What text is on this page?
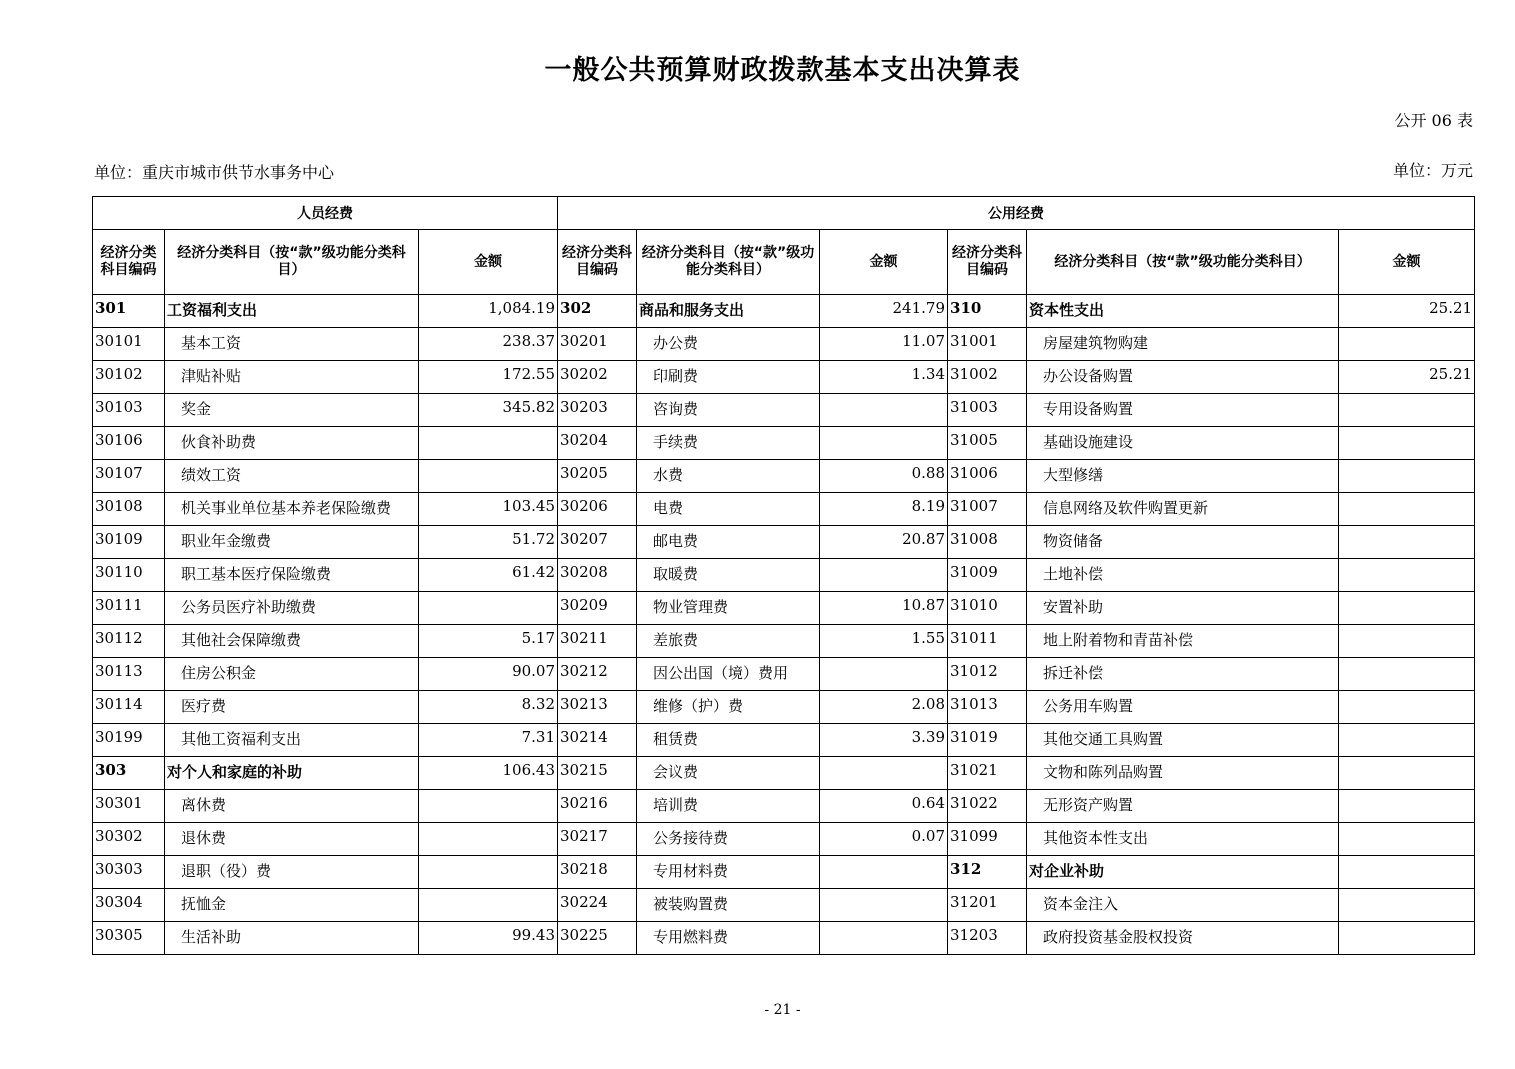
一般公共预算财政拨款基本支出决算表
公开 06 表
单位：重庆市城市供节水事务中心	单位：万元
人员经费			公用经费					
经济分类科目编码	经济分类科目（按“款”级功能分类科目）	金额	经济分类科目编码	经济分类科目（按“款”级功能分类科目）	金额	经济分类科目编码	经济分类科目（按“款”级功能分类科目）	金额
301	工资福利支出	1,084.19	302	商品和服务支出	241.79	310	资本性支出	25.21
30101	基本工资	238.37	30201	办公费	11.07	31001	房屋建筑物购建	
30102	津贴补贴	172.55	30202	印刷费	1.34	31002	办公设备购置	25.21
30103	奖金	345.82	30203	咨询费		31003	专用设备购置	
30106	伙食补助费		30204	手续费		31005	基础设施建设	
30107	绩效工资		30205	水费	0.88	31006	大型修缮	
30108	机关事业单位基本养老保险缴费	103.45	30206	电费	8.19	31007	信息网络及软件购置更新	
30109	职业年金缴费	51.72	30207	邮电费	20.87	31008	物资储备	
30110	职工基本医疗保险缴费	61.42	30208	取暖费		31009	土地补偿	
30111	公务员医疗补助缴费		30209	物业管理费	10.87	31010	安置补助	
30112	其他社会保障缴费	5.17	30211	差旅费	1.55	31011	地上附着物和青苗补偿	
30113	住房公积金	90.07	30212	因公出国（境）费用		31012	拆迁补偿	
30114	医疗费	8.32	30213	维修（护）费	2.08	31013	公务用车购置	
30199	其他工资福利支出	7.31	30214	租赁费	3.39	31019	其他交通工具购置	
303	对个人和家庭的补助	106.43	30215	会议费		31021	文物和陈列品购置	
30301	离休费		30216	培训费	0.64	31022	无形资产购置	
30302	退休费		30217	公务接待费	0.07	31099	其他资本性支出	
30303	退职（役）费		30218	专用材料费		312	对企业补助	
30304	抚恤金		30224	被装购置费		31201	资本金注入	
30305	生活补助	99.43	30225	专用燃料费		31203	政府投资基金股权投资	
- 21 -
